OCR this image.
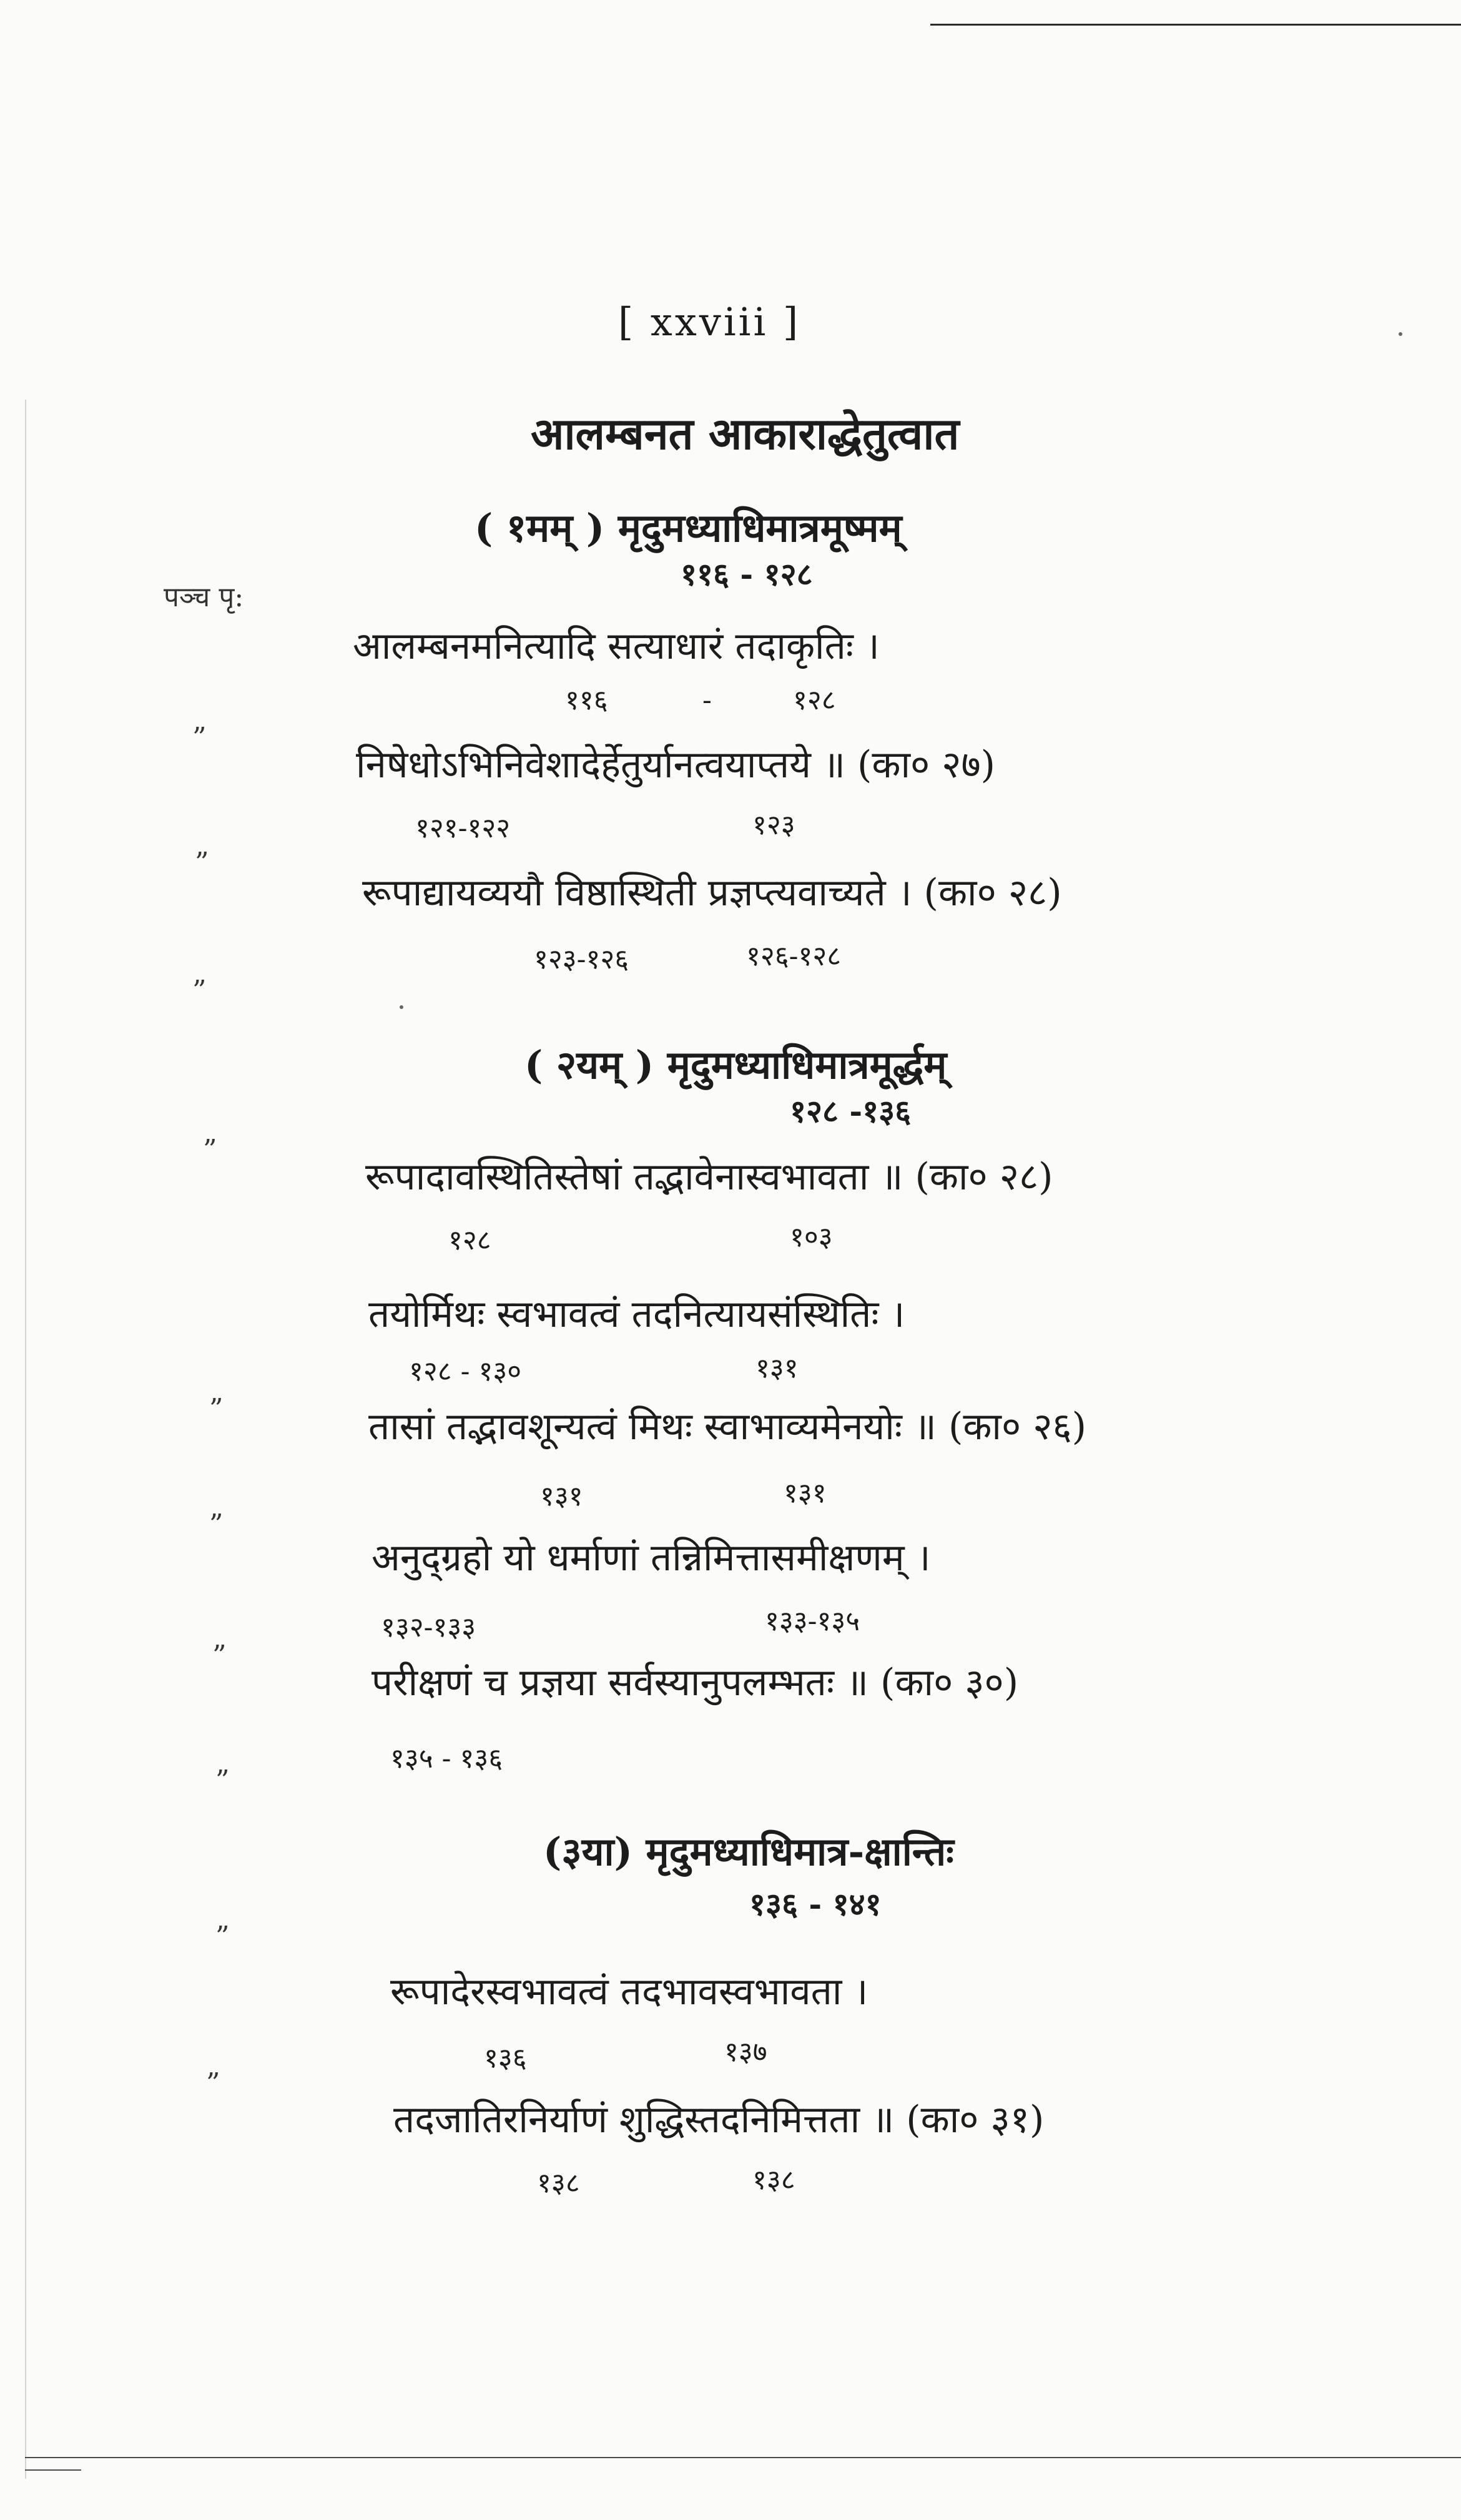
[ xxviii ]
आलम्बनत आकाराद्धेतुत्वात
( १मम् ) मृदुमध्याधिमात्रमूष्मम्
११६ - १२८
पञ्च पृ:
आलम्बनमनित्यादि सत्याधारं तदाकृतिः ।
११६	-	१२८
”
निषेधोऽभिनिवेशादेर्हेतुर्यानत्वयाप्तये ॥ (का० २७)
१२१-१२२	१२३
”
रूपाद्यायव्ययौ विष्ठास्थिती प्रज्ञप्त्यवाच्यते । (का० २८)
१२३-१२६	१२६-१२८
”
( २यम् ) मृदुमध्याधिमात्रमूर्द्धम्
१२८ -१३६
”
रूपादावस्थितिस्तेषां तद्भावेनास्वभावता ॥ (का० २८)
१२८	१०३
तयोर्मिथः स्वभावत्वं तदनित्यायसंस्थितिः ।
१२८ - १३०	१३१
”	तासां तद्भावशून्यत्वं मिथः स्वाभाव्यमेनयोः ॥ (का० २६)
१३१	१३१
”
अनुद्ग्रहो यो धर्माणां तन्निमित्तासमीक्षणम् ।
१३२-१३३	१३३-१३५
”
परीक्षणं च प्रज्ञया सर्वस्यानुपलम्भतः ॥ (का० ३०)
१३५ - १३६
”
(३या) मृदुमध्याधिमात्र-क्षान्तिः
१३६ - १४१
”
रूपादेरस्वभावत्वं तदभावस्वभावता ।
१३६	१३७
”
तदजातिरनिर्याणं शुद्धिस्तदनिमित्तता ॥ (का० ३१)
१३८	१३८
